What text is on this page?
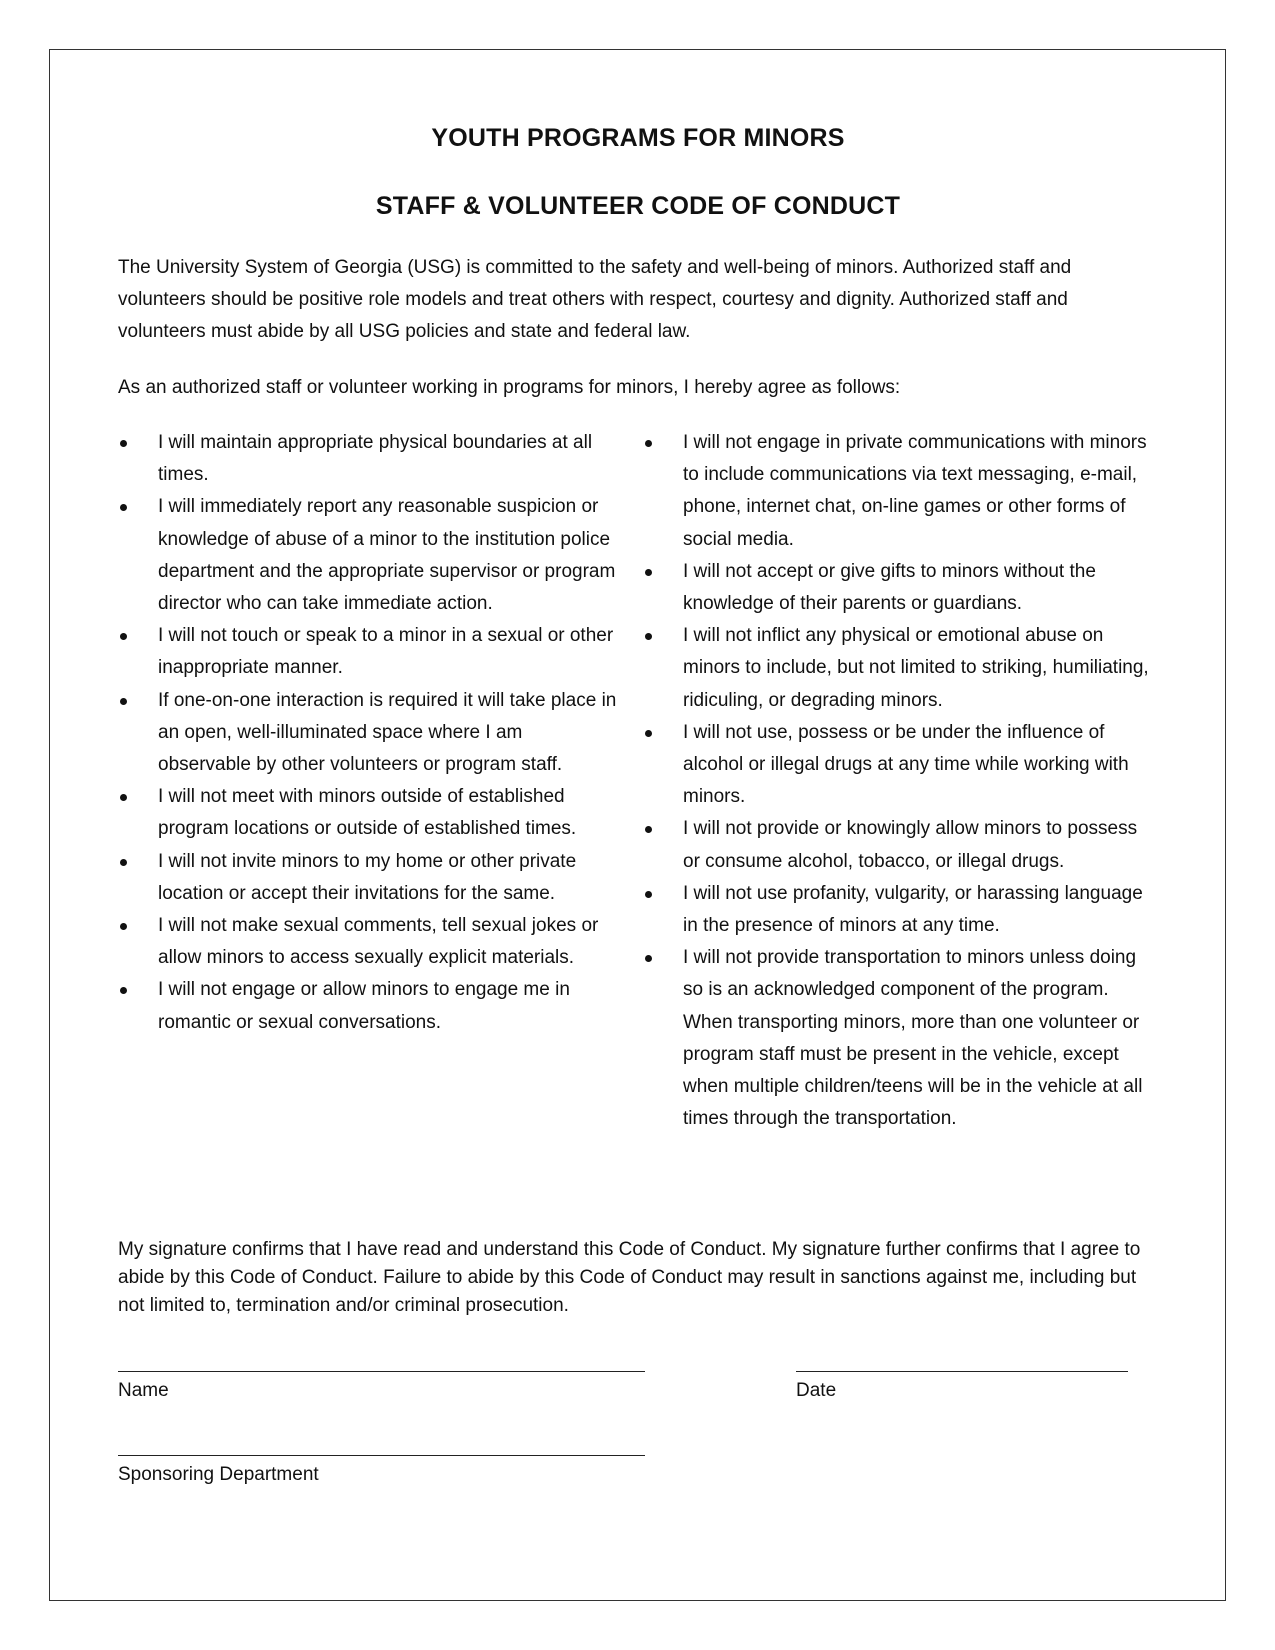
YOUTH PROGRAMS FOR MINORS
STAFF & VOLUNTEER CODE OF CONDUCT
The University System of Georgia (USG) is committed to the safety and well-being of minors. Authorized staff and volunteers should be positive role models and treat others with respect, courtesy and dignity. Authorized staff and volunteers must abide by all USG policies and state and federal law.
As an authorized staff or volunteer working in programs for minors, I hereby agree as follows:
I will maintain appropriate physical boundaries at all times.
I will immediately report any reasonable suspicion or knowledge of abuse of a minor to the institution police department and the appropriate supervisor or program director who can take immediate action.
I will not touch or speak to a minor in a sexual or other inappropriate manner.
If one-on-one interaction is required it will take place in an open, well-illuminated space where I am observable by other volunteers or program staff.
I will not meet with minors outside of established program locations or outside of established times.
I will not invite minors to my home or other private location or accept their invitations for the same.
I will not make sexual comments, tell sexual jokes or allow minors to access sexually explicit materials.
I will not engage or allow minors to engage me in romantic or sexual conversations.
I will not engage in private communications with minors to include communications via text messaging, e-mail, phone, internet chat, on-line games or other forms of social media.
I will not accept or give gifts to minors without the knowledge of their parents or guardians.
I will not inflict any physical or emotional abuse on minors to include, but not limited to striking, humiliating, ridiculing, or degrading minors.
I will not use, possess or be under the influence of alcohol or illegal drugs at any time while working with minors.
I will not provide or knowingly allow minors to possess or consume alcohol, tobacco, or illegal drugs.
I will not use profanity, vulgarity, or harassing language in the presence of minors at any time.
I will not provide transportation to minors unless doing so is an acknowledged component of the program. When transporting minors, more than one volunteer or program staff must be present in the vehicle, except when multiple children/teens will be in the vehicle at all times through the transportation.
My signature confirms that I have read and understand this Code of Conduct. My signature further confirms that I agree to abide by this Code of Conduct. Failure to abide by this Code of Conduct may result in sanctions against me, including but not limited to, termination and/or criminal prosecution.
Name	Date
Sponsoring Department
